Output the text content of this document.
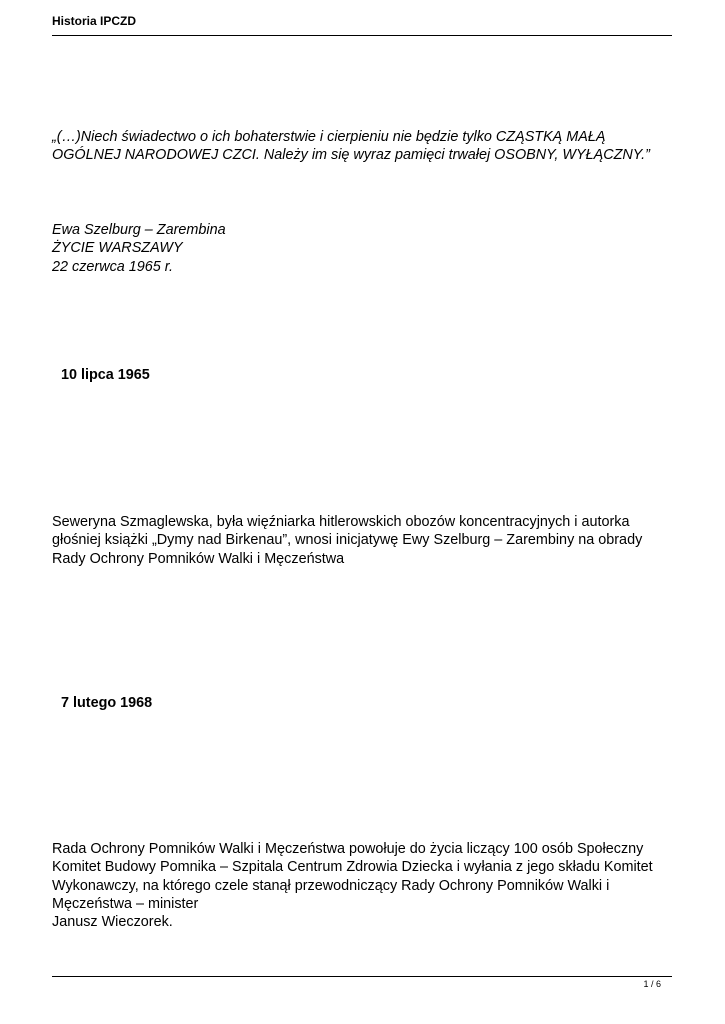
Historia IPCZD

„(…)Niech świadectwo o ich bohaterstwie i cierpieniu nie będzie tylko CZĄSTKĄ MAŁĄ OGÓLNEJ NARODOWEJ CZCI. Należy im się wyraz pamięci trwałej OSOBNY, WYŁĄCZNY.”

Ewa Szelburg – Zarembina

ŻYCIE WARSZAWY

22 czerwca 1965 r.

10 lipca 1965

Seweryna Szmaglewska, była więźniarka hitlerowskich obozów koncentracyjnych i autorka głośniej książki „Dymy nad Birkenau”, wnosi inicjatywę Ewy Szelburg – Zarembiny na obrady Rady Ochrony Pomników Walki i Męczeństwa

7 lutego 1968

Rada Ochrony Pomników Walki i Męczeństwa powołuje do życia liczący 100 osób Społeczny Komitet Budowy Pomnika – Szpitala Centrum Zdrowia Dziecka i wyłania z jego składu Komitet Wykonawczy, na którego czele stanął przewodniczący Rady Ochrony Pomników Walki i Męczeństwa – minister

Janusz Wieczorek.

1 / 6
